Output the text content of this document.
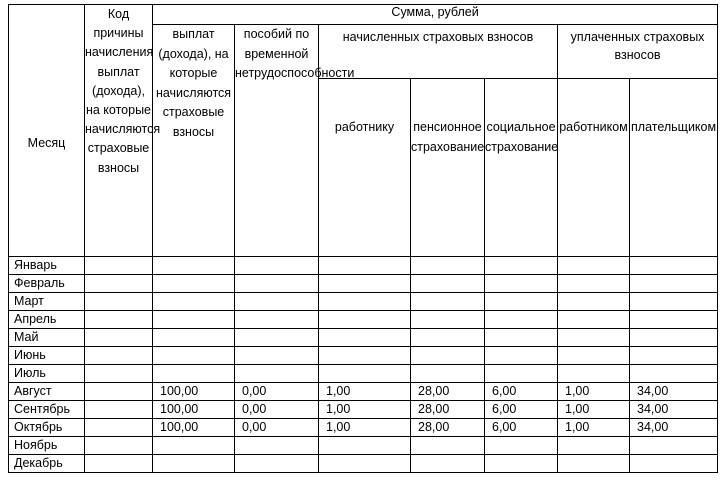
Месяц	Код причины начисления выплат (дохода), на которые начисляются страховые взносы	Сумма, рублей						
		выплат (дохода), на которые начисляются страховые взносы	пособий по временной нетрудоспособности	начисленных страховых взносов			уплаченных страховых взносов	

				работнику	пенсионное страхование	социальное страхование	работником	плательщиком

Январь								
Февраль								
Март								
Апрель								
Май								
Июнь								
Июль								
Август		100,00	0,00	1,00	28,00	6,00	1,00	34,00
Сентябрь		100,00	0,00	1,00	28,00	6,00	1,00	34,00
Октябрь		100,00	0,00	1,00	28,00	6,00	1,00	34,00
Ноябрь								
Декабрь								
